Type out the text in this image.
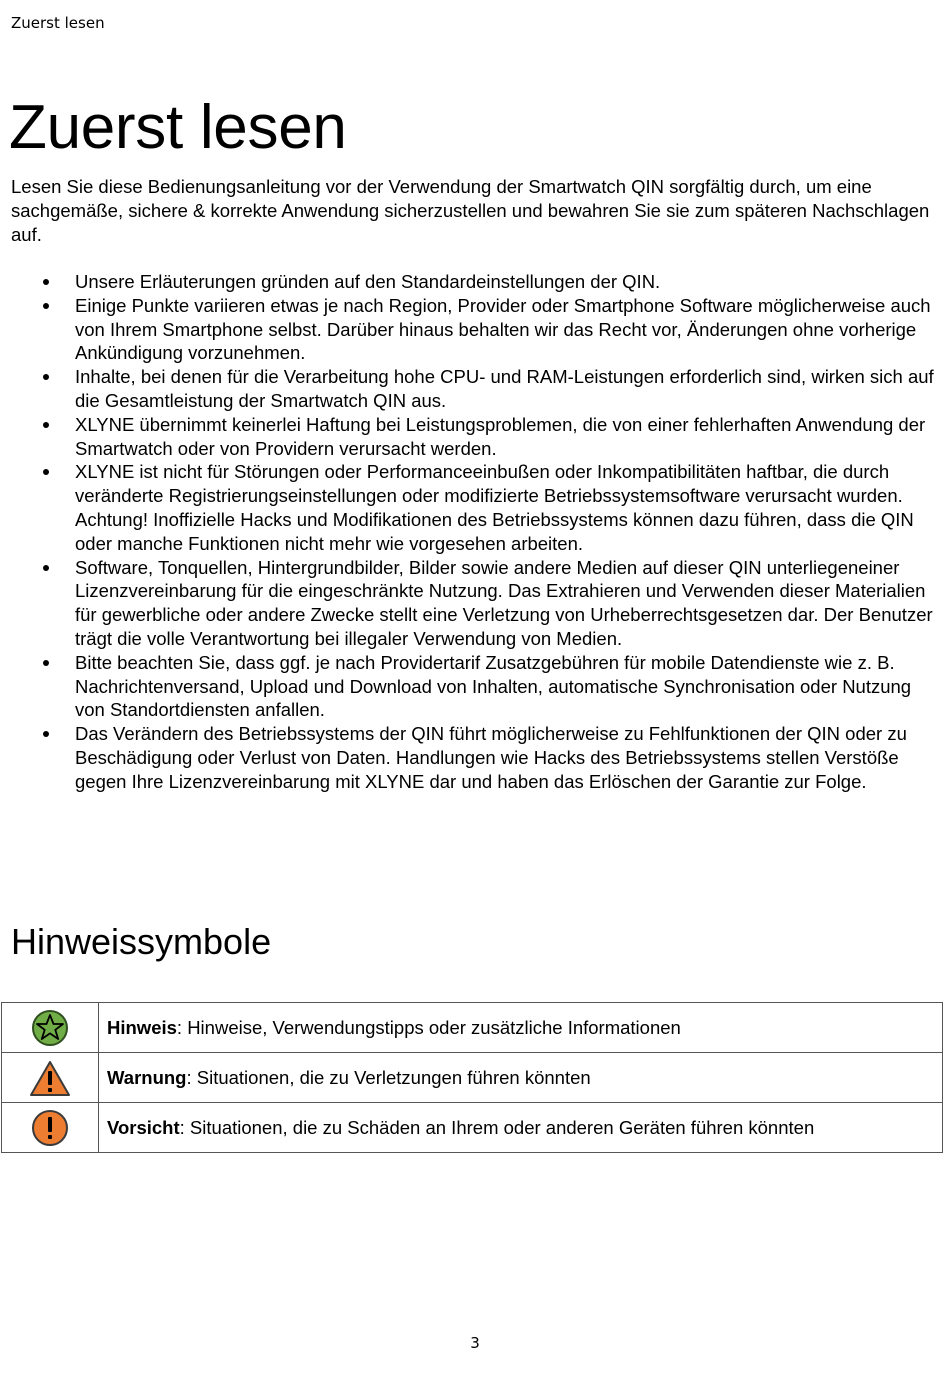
Zuerst lesen
Zuerst lesen

Lesen Sie diese Bedienungsanleitung vor der Verwendung der Smartwatch QIN sorgfältig durch, um eine sachgemäße, sichere & korrekte Anwendung sicherzustellen und bewahren Sie sie zum späteren Nachschlagen auf.

Unsere Erläuterungen gründen auf den Standardeinstellungen der QIN.
Einige Punkte variieren etwas je nach Region, Provider oder Smartphone Software möglicherweise auch von Ihrem Smartphone selbst. Darüber hinaus behalten wir das Recht vor, Änderungen ohne vorherige Ankündigung vorzunehmen.
Inhalte, bei denen für die Verarbeitung hohe CPU- und RAM-Leistungen erforderlich sind, wirken sich auf die Gesamtleistung der Smartwatch QIN aus.
XLYNE übernimmt keinerlei Haftung bei Leistungsproblemen, die von einer fehlerhaften Anwendung der Smartwatch oder von Providern verursacht werden.
XLYNE ist nicht für Störungen oder Performanceeinbußen oder Inkompatibilitäten haftbar, die durch veränderte Registrierungseinstellungen oder modifizierte Betriebssystemsoftware verursacht wurden. Achtung! Inoffizielle Hacks und Modifikationen des Betriebssystems können dazu führen, dass die QIN oder manche Funktionen nicht mehr wie vorgesehen arbeiten.
Software, Tonquellen, Hintergrundbilder, Bilder sowie andere Medien auf dieser QIN unterliegeneiner Lizenzvereinbarung für die eingeschränkte Nutzung. Das Extrahieren und Verwenden dieser Materialien für gewerbliche oder andere Zwecke stellt eine Verletzung von Urheberrechtsgesetzen dar. Der Benutzer trägt die volle Verantwortung bei illegaler Verwendung von Medien.
Bitte beachten Sie, dass ggf. je nach Providertarif Zusatzgebühren für mobile Datendienste wie z. B. Nachrichtenversand, Upload und Download von Inhalten, automatische Synchronisation oder Nutzung von Standortdiensten anfallen.
Das Verändern des Betriebssystems der QIN führt möglicherweise zu Fehlfunktionen der QIN oder zu Beschädigung oder Verlust von Daten. Handlungen wie Hacks des Betriebssystems stellen Verstöße gegen Ihre Lizenzvereinbarung mit XLYNE dar und haben das Erlöschen der Garantie zur Folge.
Hinweissymbole
	Hinweis: Hinweise, Verwendungstipps oder zusätzliche Informationen

	Warnung: Situationen, die zu Verletzungen führen könnten

	Vorsicht: Situationen, die zu Schäden an Ihrem oder anderen Geräten führen könnten
3
